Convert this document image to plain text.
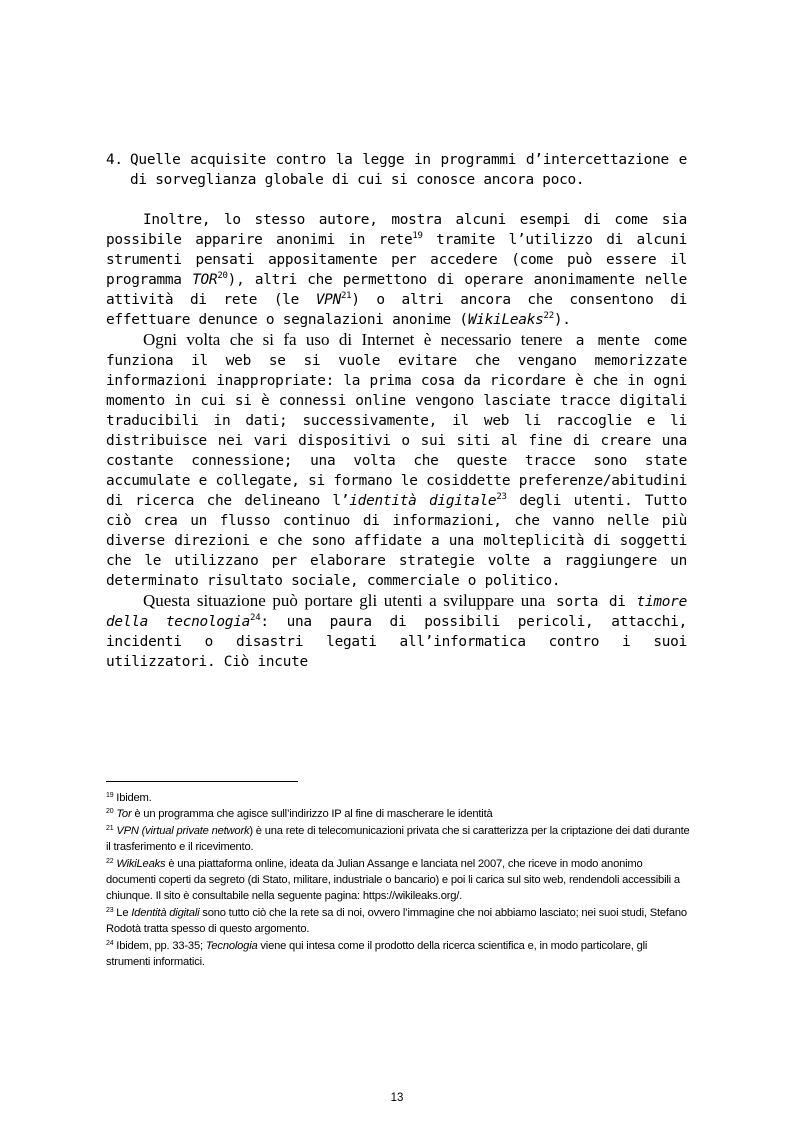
4. Quelle acquisite contro la legge in programmi d’intercettazione e di sorveglianza globale di cui si conosce ancora poco.

Inoltre, lo stesso autore, mostra alcuni esempi di come sia possibile apparire anonimi in rete$^{19}$ tramite l’utilizzo di alcuni strumenti pensati appositamente per accedere (come può essere il programma TOR$^{20}$), altri che permettono di operare anonimamente nelle attività di rete (le VPN$^{21}$) o altri ancora che consentono di effettuare denunce o segnalazioni anonime (WikiLeaks$^{22}$).

Ogni volta che si fa uso di Internet è necessario tenere a mente come funziona il web se si vuole evitare che vengano memorizzate informazioni inappropriate: la prima cosa da ricordare è che in ogni momento in cui si è connessi online vengono lasciate tracce digitali traducibili in dati; successivamente, il web li raccoglie e li distribuisce nei vari dispositivi o sui siti al fine di creare una costante connessione; una volta che queste tracce sono state accumulate e collegate, si formano le cosiddette preferenze/abitudini di ricerca che delineano l’identità digitale$^{23}$ degli utenti. Tutto ciò crea un flusso continuo di informazioni, che vanno nelle più diverse direzioni e che sono affidate a una molteplicità di soggetti che le utilizzano per elaborare strategie volte a raggiungere un determinato risultato sociale, commerciale o politico.

Questa situazione può portare gli utenti a sviluppare una sorta di timore della tecnologia$^{24}$: una paura di possibili pericoli, attacchi, incidenti o disastri legati all’informatica contro i suoi utilizzatori. Ciò incute

$^{19}$ Ibidem.

$^{20}$ Tor è un programma che agisce sull’indirizzo IP al fine di mascherare le identità

$^{21}$ VPN (virtual private network) è una rete di telecomunicazioni privata che si caratterizza per la criptazione dei dati durante il trasferimento e il ricevimento.

$^{22}$ WikiLeaks è una piattaforma online, ideata da Julian Assange e lanciata nel 2007, che riceve in modo anonimo documenti coperti da segreto (di Stato, militare, industriale o bancario) e poi li carica sul sito web, rendendoli accessibili a chiunque. Il sito è consultabile nella seguente pagina: https://wikileaks.org/.

$^{23}$ Le Identità digitali sono tutto ciò che la rete sa di noi, ovvero l’immagine che noi abbiamo lasciato; nei suoi studi, Stefano Rodotà tratta spesso di questo argomento.

$^{24}$ Ibidem, pp. 33-35; Tecnologia viene qui intesa come il prodotto della ricerca scientifica e, in modo particolare, gli strumenti informatici.

13
